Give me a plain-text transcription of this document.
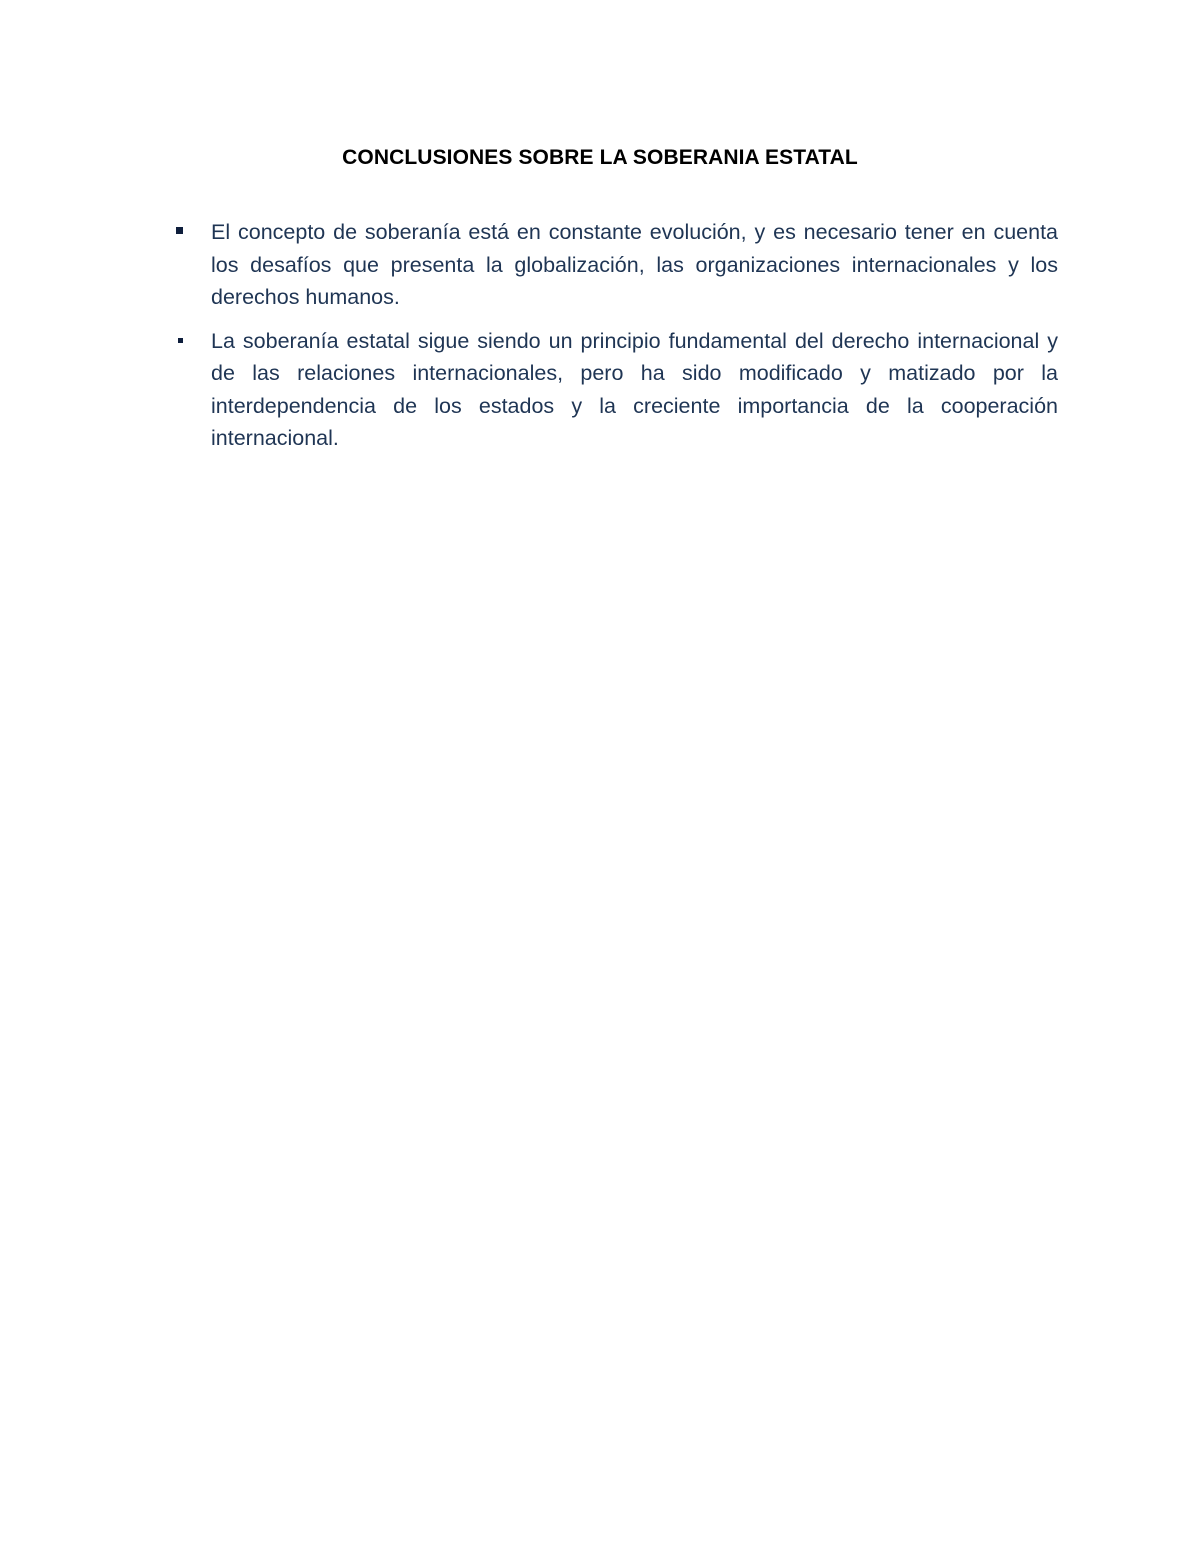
CONCLUSIONES SOBRE LA SOBERANIA ESTATAL

El concepto de soberanía está en constante evolución, y es necesario tener en cuenta los desafíos que presenta la globalización, las organizaciones internacionales y los derechos humanos.

La soberanía estatal sigue siendo un principio fundamental del derecho internacional y de las relaciones internacionales, pero ha sido modificado y matizado por la interdependencia de los estados y la creciente importancia de la cooperación internacional.
